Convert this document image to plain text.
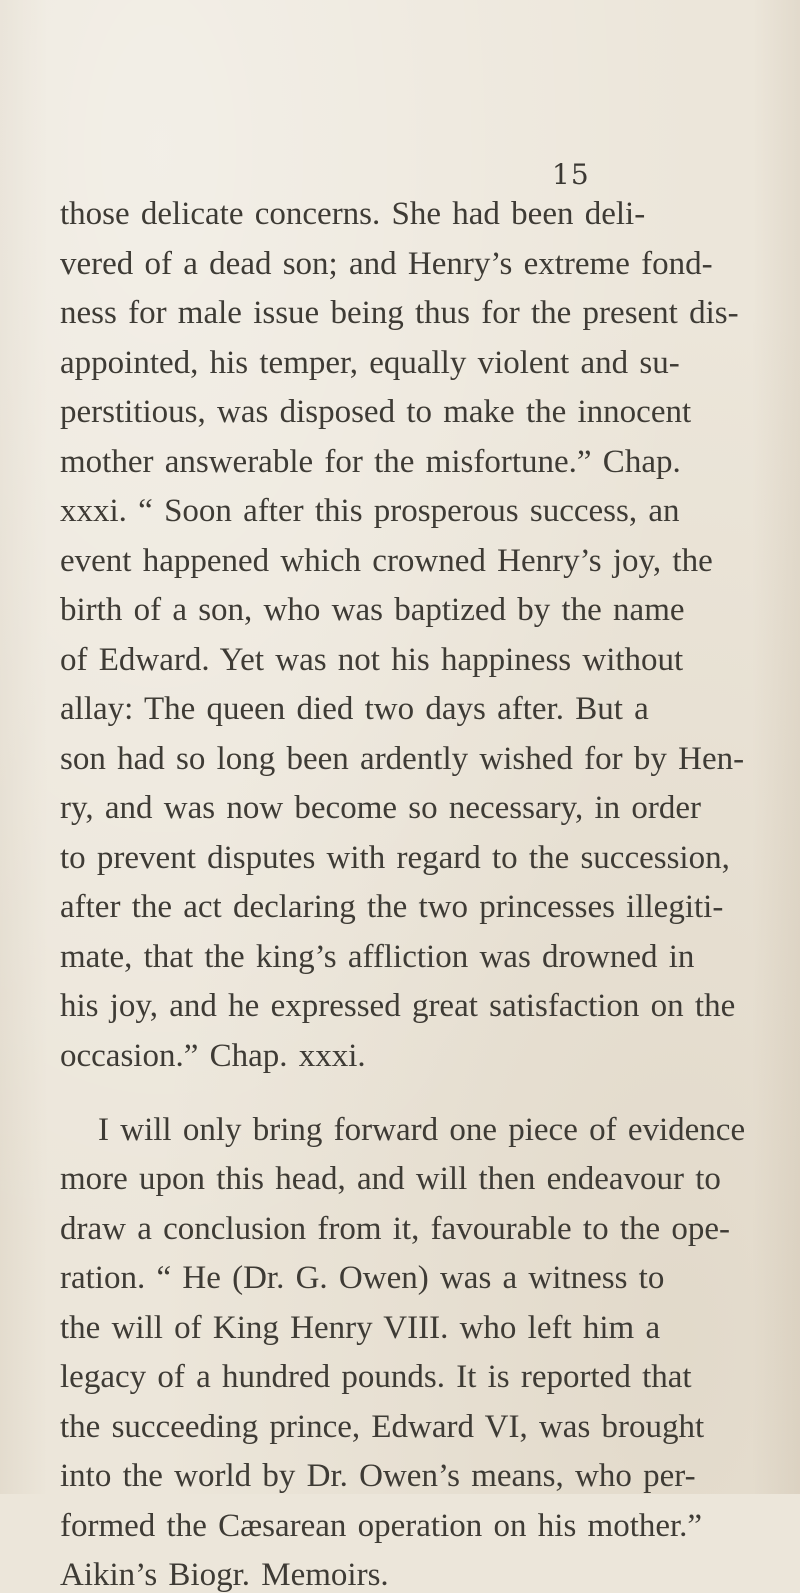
15
those delicate concerns. She had been deli-
vered of a dead son; and Henry’s extreme fond-
ness for male issue being thus for the present dis-
appointed, his temper, equally violent and su-
perstitious, was disposed to make the innocent
mother answerable for the misfortune.” Chap.
xxxi. “ Soon after this prosperous success, an
event happened which crowned Henry’s joy, the
birth of a son, who was baptized by the name
of Edward. Yet was not his happiness without
allay: The queen died two days after. But a
son had so long been ardently wished for by Hen-
ry, and was now become so necessary, in order
to prevent disputes with regard to the succession,
after the act declaring the two princesses illegiti-
mate, that the king’s affliction was drowned in
his joy, and he expressed great satisfaction on the
occasion.” Chap. xxxi.
I will only bring forward one piece of evidence
more upon this head, and will then endeavour to
draw a conclusion from it, favourable to the ope-
ration. “ He (Dr. G. Owen) was a witness to
the will of King Henry VIII. who left him a
legacy of a hundred pounds. It is reported that
the succeeding prince, Edward VI, was brought
into the world by Dr. Owen’s means, who per-
formed the Cæsarean operation on his mother.”
Aikin’s Biogr. Memoirs.
